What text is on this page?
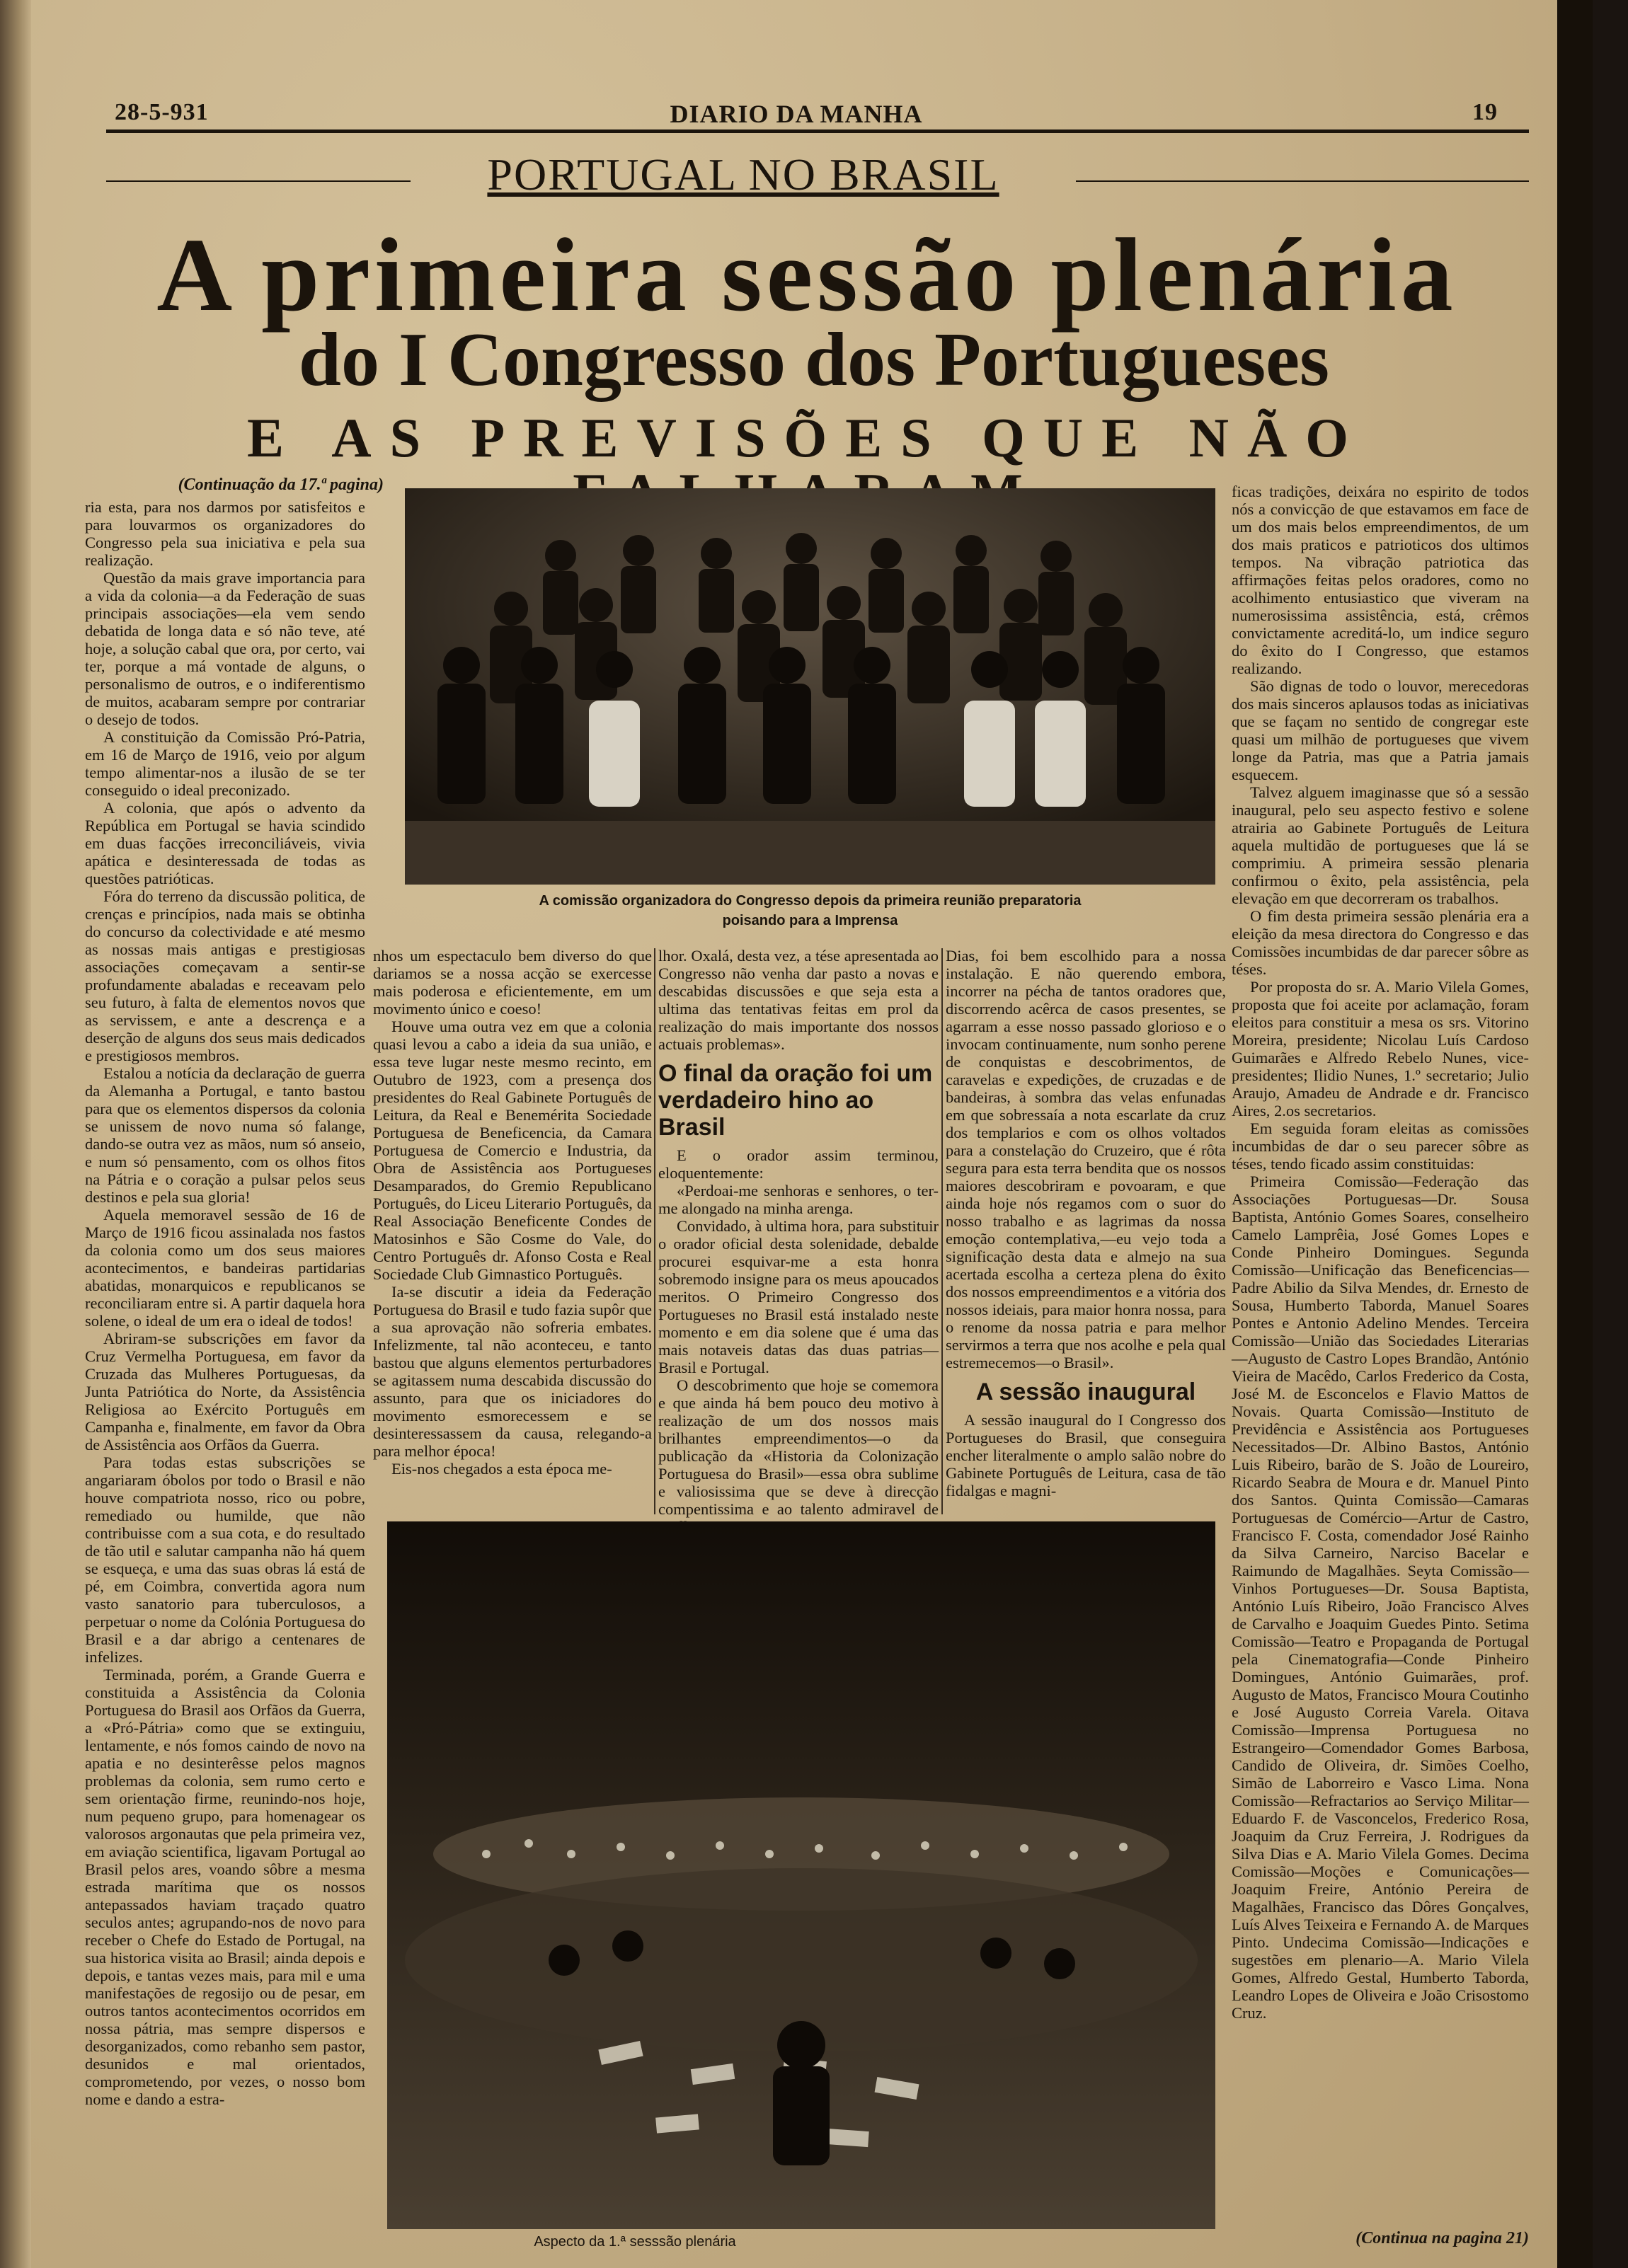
28-5-931	DIARIO DA MANHA	19
PORTUGAL NO BRASIL
A primeira sessão plenária
do I Congresso dos Portugueses
E AS PREVISÕES QUE NÃO
(Continuação da 17.ª pagina)

ria esta, para nos darmos por satisfeitos e para louvarmos os organizadores do Congresso pela sua iniciativa e pela sua realização.

Questão da mais grave importancia para a vida da colonia—a da Federação de suas principais associações—ela vem sendo debatida de longa data e só não teve, até hoje, a solução cabal que ora, por certo, vai ter, porque a má vontade de alguns, o personalismo de outros, e o indiferentismo de muitos, acabaram sempre por contrariar o desejo de todos.

A constituição da Comissão Pró-Patria, em 16 de Março de 1916, veio por algum tempo alimentar-nos a ilusão de se ter conseguido o ideal preconizado.

A colonia, que após o advento da República em Portugal se havia scindido em duas facções irreconciliáveis, vivia apática e desinteressada de todas as questões patrióticas.

Fóra do terreno da discussão politica, de crenças e princípios, nada mais se obtinha do concurso da colectividade e até mesmo as nossas mais antigas e prestigiosas associações começavam a sentir-se profundamente abaladas e receavam pelo seu futuro, à falta de elementos novos que as servissem, e ante a descrença e a deserção de alguns dos seus mais dedicados e prestigiosos membros.

Estalou a notícia da declaração de guerra da Alemanha a Portugal, e tanto bastou para que os elementos dispersos da colonia se unissem de novo numa só falange, dando-se outra vez as mãos, num só anseio, e num só pensamento, com os olhos fitos na Pátria e o coração a pulsar pelos seus destinos e pela sua gloria!

Aquela memoravel sessão de 16 de Março de 1916 ficou assinalada nos fastos da colonia como um dos seus maiores acontecimentos, e bandeiras partidarias abatidas, monarquicos e republicanos se reconciliaram entre si. A partir daquela hora solene, o ideal de um era o ideal de todos!

Abriram-se subscrições em favor da Cruz Vermelha Portuguesa, em favor da Cruzada das Mulheres Portuguesas, da Junta Patriótica do Norte, da Assistência Religiosa ao Exército Português em Campanha e, finalmente, em favor da Obra de Assistência aos Orfãos da Guerra.

Para todas estas subscrições se angariaram óbolos por todo o Brasil e não houve compatriota nosso, rico ou pobre, remediado ou humilde, que não contribuisse com a sua cota, e do resultado de tão util e salutar campanha não há quem se esqueça, e uma das suas obras lá está de pé, em Coimbra, convertida agora num vasto sanatorio para tuberculosos, a perpetuar o nome da Colónia Portuguesa do Brasil e a dar abrigo a centenares de infelizes.

Terminada, porém, a Grande Guerra e constituida a Assistência da Colonia Portuguesa do Brasil aos Orfãos da Guerra, a «Pró-Pátria» como que se extinguiu, lentamente, e nós fomos caindo de novo na apatia e no desinterêsse pelos magnos problemas da colonia, sem rumo certo e sem orientação firme, reunindo-nos hoje, num pequeno grupo, para homenagear os valorosos argonautas que pela primeira vez, em aviação scientifica, ligavam Portugal ao Brasil pelos ares, voando sôbre a mesma estrada marítima que os nossos antepassados haviam traçado quatro seculos antes; agrupando-nos de novo para receber o Chefe do Estado de Portugal, na sua historica visita ao Brasil; ainda depois e depois, e tantas vezes mais, para mil e uma manifestações de regosijo ou de pesar, em outros tantos acontecimentos ocorridos em nossa pátria, mas sempre dispersos e desorganizados, como rebanho sem pastor, desunidos e mal orientados, comprometendo, por vezes, o nosso bom nome e dando a estra-

A comissão organizadora do Congresso depois da primeira reunião preparatoria
poisando para a Imprensa

nhos um espectaculo bem diverso do que dariamos se a nossa acção se exercesse mais poderosa e eficientemente, em um movimento único e coeso!

Houve uma outra vez em que a colonia quasi levou a cabo a ideia da sua união, e essa teve lugar neste mesmo recinto, em Outubro de 1923, com a presença dos presidentes do Real Gabinete Português de Leitura, da Real e Benemérita Sociedade Portuguesa de Beneficencia, da Camara Portuguesa de Comercio e Industria, da Obra de Assistência aos Portugueses Desamparados, do Gremio Republicano Português, do Liceu Literario Português, da Real Associação Beneficente Condes de Matosinhos e São Cosme do Vale, do Centro Português dr. Afonso Costa e Real Sociedade Club Gimnastico Português.

Ia-se discutir a ideia da Federação Portuguesa do Brasil e tudo fazia supôr que a sua aprovação não sofreria embates. Infelizmente, tal não aconteceu, e tanto bastou que alguns elementos perturbadores se agitassem numa descabida discussão do assunto, para que os iniciadores do movimento esmorecessem e se desinteressassem da causa, relegando-a para melhor época!

Eis-nos chegados a esta época me-

lhor. Oxalá, desta vez, a tése apresentada ao Congresso não venha dar pasto a novas e descabidas discussões e que seja esta a ultima das tentativas feitas em prol da realização do mais importante dos nossos actuais problemas».

O final da oração foi um verdadeiro hino ao Brasil

E o orador assim terminou, eloquentemente:

«Perdoai-me senhoras e senhores, o ter-me alongado na minha arenga.

Convidado, à ultima hora, para substituir o orador oficial desta solenidade, debalde procurei esquivar-me a esta honra sobremodo insigne para os meus apoucados meritos. O Primeiro Congresso dos Portugueses no Brasil está instalado neste momento e em dia solene que é uma das mais notaveis datas das duas patrias—Brasil e Portugal.

O descobrimento que hoje se comemora e que ainda há bem pouco deu motivo à realização de um dos nossos mais brilhantes empreendimentos—o da publicação da «Historia da Colonização Portuguesa do Brasil»—essa obra sublime e valiosissima que se deve à direcção compentissima e ao talento admiravel de

Dias, foi bem escolhido para a nossa instalação. E não querendo embora, incorrer na pécha de tantos oradores que, discorrendo acêrca de casos presentes, se agarram a esse nosso passado glorioso e o invocam continuamente, num sonho perene de conquistas e descobrimentos, de caravelas e expedições, de cruzadas e de bandeiras, à sombra das velas enfunadas em que sobressaía a nota escarlate da cruz dos templarios e com os olhos voltados para a constelação do Cruzeiro, que é rôta segura para esta terra bendita que os nossos maiores descobriram e povoaram, e que ainda hoje nós regamos com o suor do nosso trabalho e as lagrimas da nossa emoção contemplativa,—eu vejo toda a significação desta data e almejo na sua acertada escolha a certeza plena do êxito dos nossos empreendimentos e a vitória dos nossos ideiais, para maior honra nossa, para o renome da nossa patria e para melhor servirmos a terra que nos acolhe e pela qual estremecemos—o Brasil».

A sessão inaugural

A sessão inaugural do I Congresso dos Portugueses do Brasil, que conseguira encher literalmente o amplo salão nobre do Gabinete Português de Leitura, casa de tão fidalgas e magni-

ficas tradições, deixára no espirito de todos nós a convicção de que estavamos em face de um dos mais belos empreendimentos, de um dos mais praticos e patrioticos dos ultimos tempos. Na vibração patriotica das affirmações feitas pelos oradores, como no acolhimento entusiastico que viveram na numerosissima assistência, está, crêmos convictamente acreditá-lo, um indice seguro do êxito do I Congresso, que estamos realizando.

São dignas de todo o louvor, merecedoras dos mais sinceros aplausos todas as iniciativas que se façam no sentido de congregar este quasi um milhão de portugueses que vivem longe da Patria, mas que a Patria jamais esquecem.

Talvez alguem imaginasse que só a sessão inaugural, pelo seu aspecto festivo e solene atrairia ao Gabinete Português de Leitura aquela multidão de portugueses que lá se comprimiu. A primeira sessão plenaria confirmou o êxito, pela assistência, pela elevação em que decorreram os trabalhos.

O fim desta primeira sessão plenária era a eleição da mesa directora do Congresso e das Comissões incumbidas de dar parecer sôbre as téses.

Por proposta do sr. A. Mario Vilela Gomes, proposta que foi aceite por aclamação, foram eleitos para constituir a mesa os srs. Vitorino Moreira, presidente; Nicolau Luís Cardoso Guimarães e Alfredo Rebelo Nunes, vice-presidentes; Ilidio Nunes, 1.º secretario; Julio Araujo, Amadeu de Andrade e dr. Francisco Aires, 2.os secretarios.

Em seguida foram eleitas as comissões incumbidas de dar o seu parecer sôbre as téses, tendo ficado assim constituidas:

Primeira Comissão—Federação das Associações Portuguesas—Dr. Sousa Baptista, António Gomes Soares, conselheiro Camelo Lamprêia, José Gomes Lopes e Conde Pinheiro Domingues. Segunda Comissão—Unificação das Beneficencias—Padre Abilio da Silva Mendes, dr. Ernesto de Sousa, Humberto Taborda, Manuel Soares Pontes e Antonio Adelino Mendes. Terceira Comissão—União das Sociedades Literarias—Augusto de Castro Lopes Brandão, António Vieira de Macêdo, Carlos Frederico da Costa, José M. de Esconcelos e Flavio Mattos de Novais. Quarta Comissão—Instituto de Previdência e Assistência aos Portugueses Necessitados—Dr. Albino Bastos, António Luis Ribeiro, barão de S. João de Loureiro, Ricardo Seabra de Moura e dr. Manuel Pinto dos Santos. Quinta Comissão—Camaras Portuguesas de Comércio—Artur de Castro, Francisco F. Costa, comendador José Rainho da Silva Carneiro, Narciso Bacelar e Raimundo de Magalhães. Seyta Comissão—Vinhos Portugueses—Dr. Sousa Baptista, António Luís Ribeiro, João Francisco Alves de Carvalho e Joaquim Guedes Pinto. Setima Comissão—Teatro e Propaganda de Portugal pela Cinematografia—Conde Pinheiro Domingues, António Guimarães, prof. Augusto de Matos, Francisco Moura Coutinho e José Augusto Correia Varela. Oitava Comissão—Imprensa Portuguesa no Estrangeiro—Comendador Gomes Barbosa, Candido de Oliveira, dr. Simões Coelho, Simão de Laborreiro e Vasco Lima. Nona Comissão—Refractarios ao Serviço Militar—Eduardo F. de Vasconcelos, Frederico Rosa, Joaquim da Cruz Ferreira, J. Rodrigues da Silva Dias e A. Mario Vilela Gomes. Decima Comissão—Moções e Comunicações—Joaquim Freire, António Pereira de Magalhães, Francisco das Dôres Gonçalves, Luís Alves Teixeira e Fernando A. de Marques Pinto. Undecima Comissão—Indicações e sugestões em plenario—A. Mario Vilela Gomes, Alfredo Gestal, Humberto Taborda, Leandro Lopes de Oliveira e João Crisostomo Cruz.

Aspecto da 1.ª sesssão plenária	(Continua na pagina 21)
